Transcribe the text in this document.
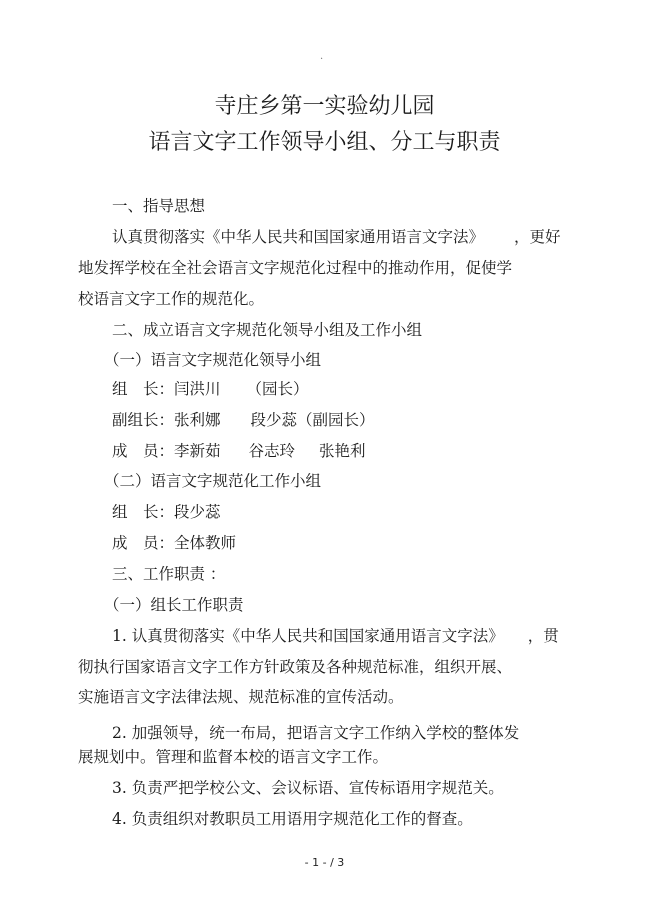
.
寺庄乡第一实验幼儿园
语言文字工作领导小组、分工与职责
一、指导思想
认真贯彻落实《中华人民共和国国家通用语言文字法》 ，更好
地发挥学校在全社会语言文字规范化过程中的推动作用，促使学
校语言文字工作的规范化。
二、成立语言文字规范化领导小组及工作小组
（一）语言文字规范化领导小组
组　长：闫洪川 （园长）
副组长：张利娜 段少蕊（副园长）
成　员：李新茹 谷志玲 张艳利
（二）语言文字规范化工作小组
组　长：段少蕊
成　员：全体教师
三、工作职责 ：
（一）组长工作职责
1. 认真贯彻落实《中华人民共和国国家通用语言文字法》 ，贯
彻执行国家语言文字工作方针政策及各种规范标准，组织开展、
实施语言文字法律法规、规范标准的宣传活动。
2. 加强领导，统一布局，把语言文字工作纳入学校的整体发
展规划中。管理和监督本校的语言文字工作。
3. 负责严把学校公文、会议标语、宣传标语用字规范关。
4. 负责组织对教职员工用语用字规范化工作的督查。
- 1 - / 3
